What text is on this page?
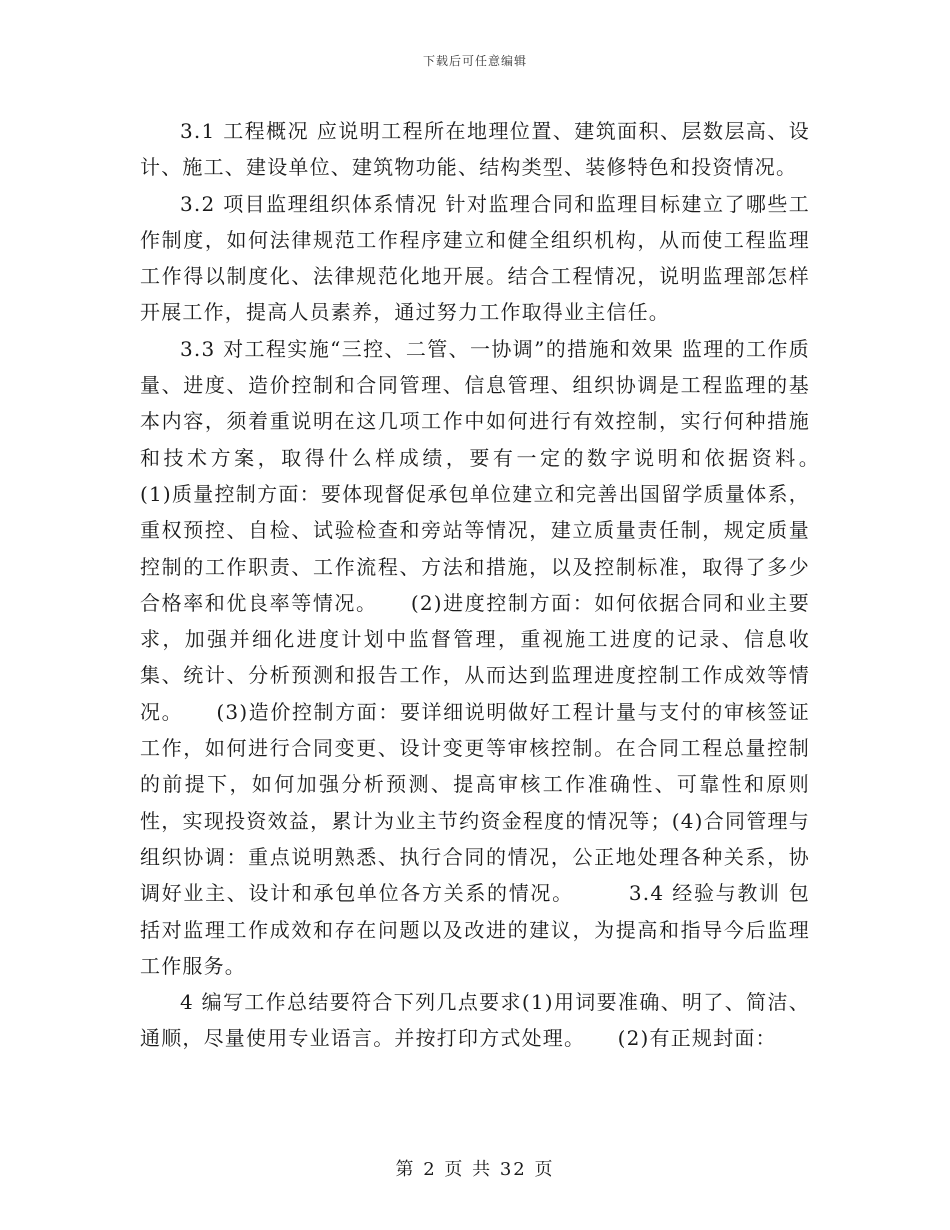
下载后可任意编辑

3.1 工程概况 应说明工程所在地理位置、建筑面积、层数层高、设计、施工、建设单位、建筑物功能、结构类型、装修特色和投资情况。

3.2 项目监理组织体系情况 针对监理合同和监理目标建立了哪些工作制度，如何法律规范工作程序建立和健全组织机构，从而使工程监理工作得以制度化、法律规范化地开展。结合工程情况，说明监理部怎样开展工作，提高人员素养，通过努力工作取得业主信任。

3.3 对工程实施“三控、二管、一协调”的措施和效果 监理的工作质量、进度、造价控制和合同管理、信息管理、组织协调是工程监理的基本内容，须着重说明在这几项工作中如何进行有效控制，实行何种措施和技术方案，取得什么样成绩，要有一定的数字说明和依据资料。　　(1)质量控制方面：要体现督促承包单位建立和完善出国留学质量体系，重权预控、自检、试验检查和旁站等情况，建立质量责任制，规定质量控制的工作职责、工作流程、方法和措施，以及控制标准，取得了多少合格率和优良率等情况。　　(2)进度控制方面：如何依据合同和业主要求，加强并细化进度计划中监督管理，重视施工进度的记录、信息收集、统计、分析预测和报告工作，从而达到监理进度控制工作成效等情况。　　(3)造价控制方面：要详细说明做好工程计量与支付的审核签证工作，如何进行合同变更、设计变更等审核控制。在合同工程总量控制的前提下，如何加强分析预测、提高审核工作准确性、可靠性和原则性，实现投资效益，累计为业主节约资金程度的情况等；(4)合同管理与组织协调：重点说明熟悉、执行合同的情况，公正地处理各种关系，协调好业主、设计和承包单位各方关系的情况。　　　3.4 经验与教训 包括对监理工作成效和存在问题以及改进的建议，为提高和指导今后监理工作服务。

4 编写工作总结要符合下列几点要求(1)用词要准确、明了、简洁、通顺，尽量使用专业语言。并按打印方式处理。　　(2)有正规封面：

第 2 页 共 32 页
